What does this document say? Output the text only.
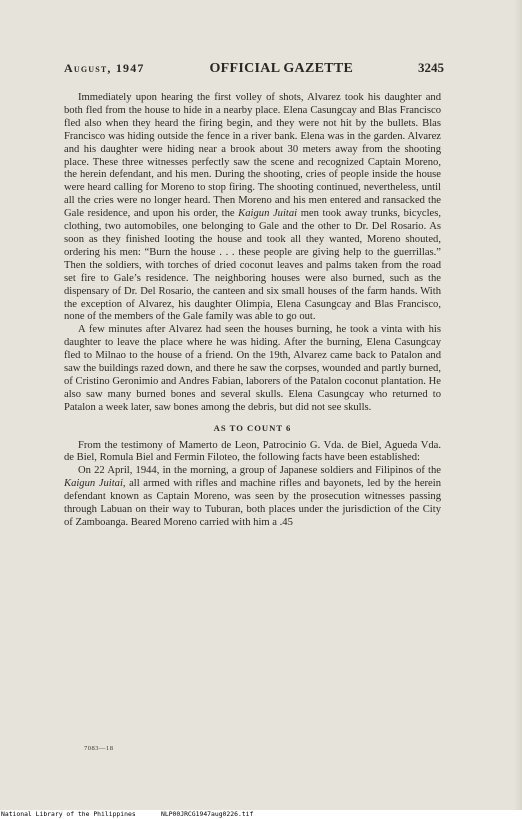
August, 1947	OFFICIAL GAZETTE	3245

Immediately upon hearing the first volley of shots, Alvarez took his daughter and both fled from the house to hide in a nearby place. Elena Casungcay and Blas Francisco fled also when they heard the firing begin, and they were not hit by the bullets. Blas Francisco was hiding outside the fence in a river bank. Elena was in the garden. Alvarez and his daughter were hiding near a brook about 30 meters away from the shooting place. These three witnesses perfectly saw the scene and recognized Captain Moreno, the herein defendant, and his men. During the shooting, cries of people inside the house were heard calling for Moreno to stop firing. The shooting continued, nevertheless, until all the cries were no longer heard. Then Moreno and his men entered and ransacked the Gale residence, and upon his order, the Kaigun Juitai men took away trunks, bicycles, clothing, two automobiles, one belonging to Gale and the other to Dr. Del Rosario. As soon as they finished looting the house and took all they wanted, Moreno shouted, ordering his men: “Burn the house . . . these people are giving help to the guerrillas.” Then the soldiers, with torches of dried coconut leaves and palms taken from the road set fire to Gale’s residence. The neighboring houses were also burned, such as the dispensary of Dr. Del Rosario, the canteen and six small houses of the farm hands. With the exception of Alvarez, his daughter Olimpia, Elena Casungcay and Blas Francisco, none of the members of the Gale family was able to go out.

A few minutes after Alvarez had seen the houses burning, he took a vinta with his daughter to leave the place where he was hiding. After the burning, Elena Casungcay fled to Milnao to the house of a friend. On the 19th, Alvarez came back to Patalon and saw the buildings razed down, and there he saw the corpses, wounded and partly burned, of Cristino Geronimio and Andres Fabian, laborers of the Patalon coconut plantation. He also saw many burned bones and several skulls. Elena Casungcay who returned to Patalon a week later, saw bones among the debris, but did not see skulls.

AS TO COUNT 6

From the testimony of Mamerto de Leon, Patrocinio G. Vda. de Biel, Agueda Vda. de Biel, Romula Biel and Fermin Filoteo, the following facts have been established:

On 22 April, 1944, in the morning, a group of Japanese soldiers and Filipinos of the Kaigun Juitai, all armed with rifles and machine rifles and bayonets, led by the herein defendant known as Captain Moreno, was seen by the prosecution witnesses passing through Labuan on their way to Tuburan, both places under the jurisdiction of the City of Zamboanga. Beared Moreno carried with him a .45

7083—18
National Library of the Philippines	NLP00JRCG1947aug0226.tif
